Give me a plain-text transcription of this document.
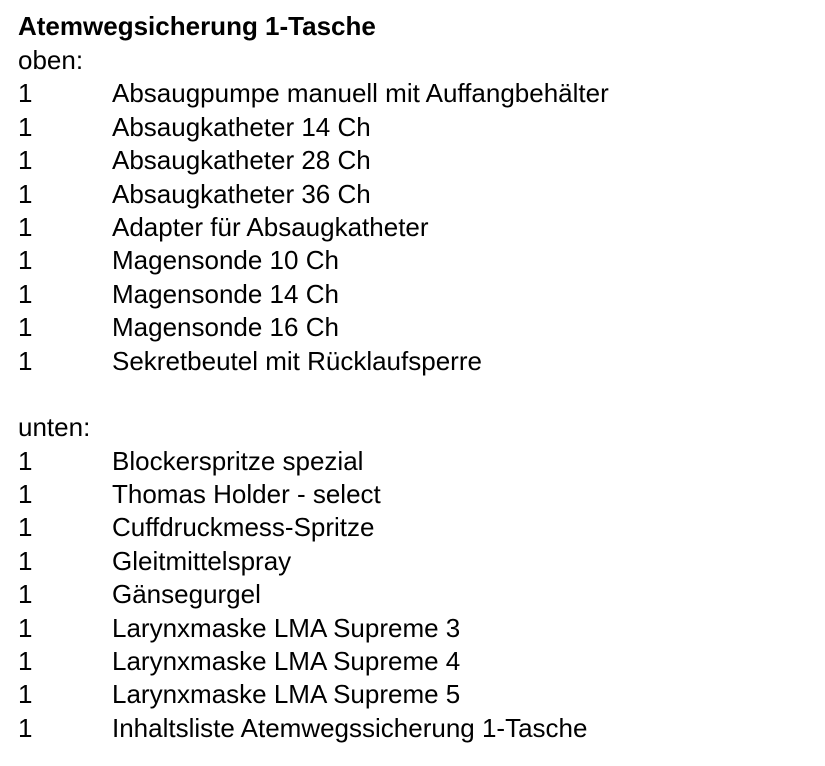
Atemwegsicherung 1-Tasche
oben:
1	Absaugpumpe manuell mit Auffangbehälter
1	Absaugkatheter 14 Ch
1	Absaugkatheter 28 Ch
1	Absaugkatheter 36 Ch
1	Adapter für Absaugkatheter
1	Magensonde 10 Ch
1	Magensonde 14 Ch
1	Magensonde 16 Ch
1	Sekretbeutel mit Rücklaufsperre
unten:
1	Blockerspritze spezial
1	Thomas Holder - select
1	Cuffdruckmess-Spritze
1	Gleitmittelspray
1	Gänsegurgel
1	Larynxmaske LMA Supreme 3
1	Larynxmaske LMA Supreme 4
1	Larynxmaske LMA Supreme 5
1	Inhaltsliste Atemwegssicherung 1-Tasche
